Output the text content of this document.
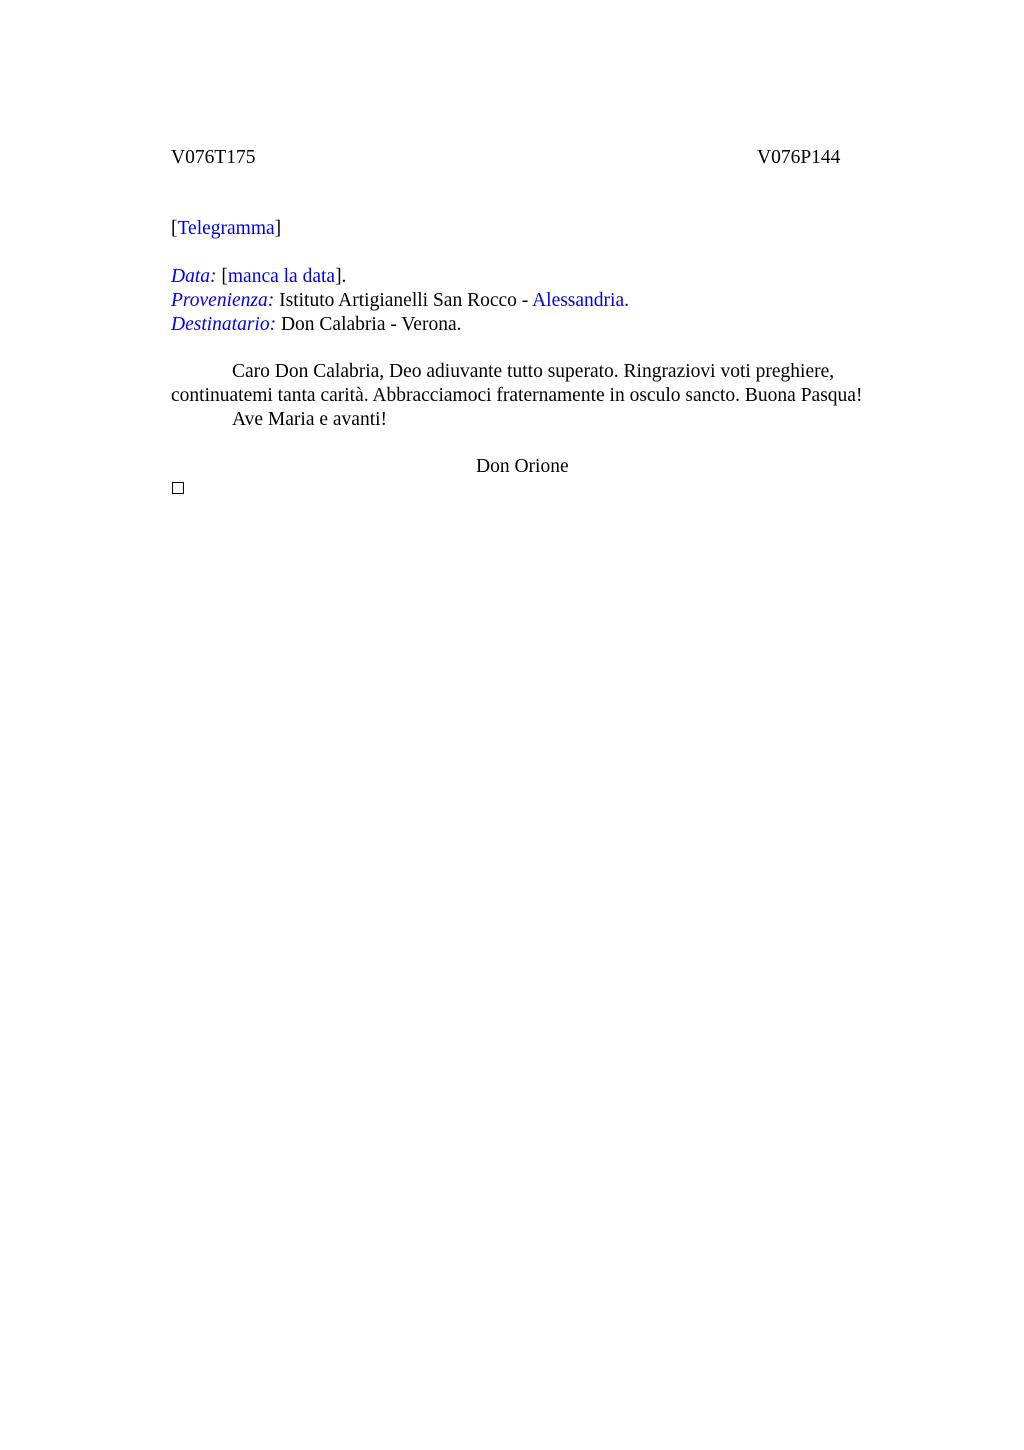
V076T175	V076P144
[Telegramma]
Data: [manca la data].
Provenienza: Istituto Artigianelli San Rocco - Alessandria.
Destinatario: Don Calabria - Verona.
Caro Don Calabria, Deo adiuvante tutto superato. Ringraziovi voti preghiere,
continuatemi tanta carità. Abbracciamoci fraternamente in osculo sancto. Buona Pasqua!
Ave Maria e avanti!
Don Orione
